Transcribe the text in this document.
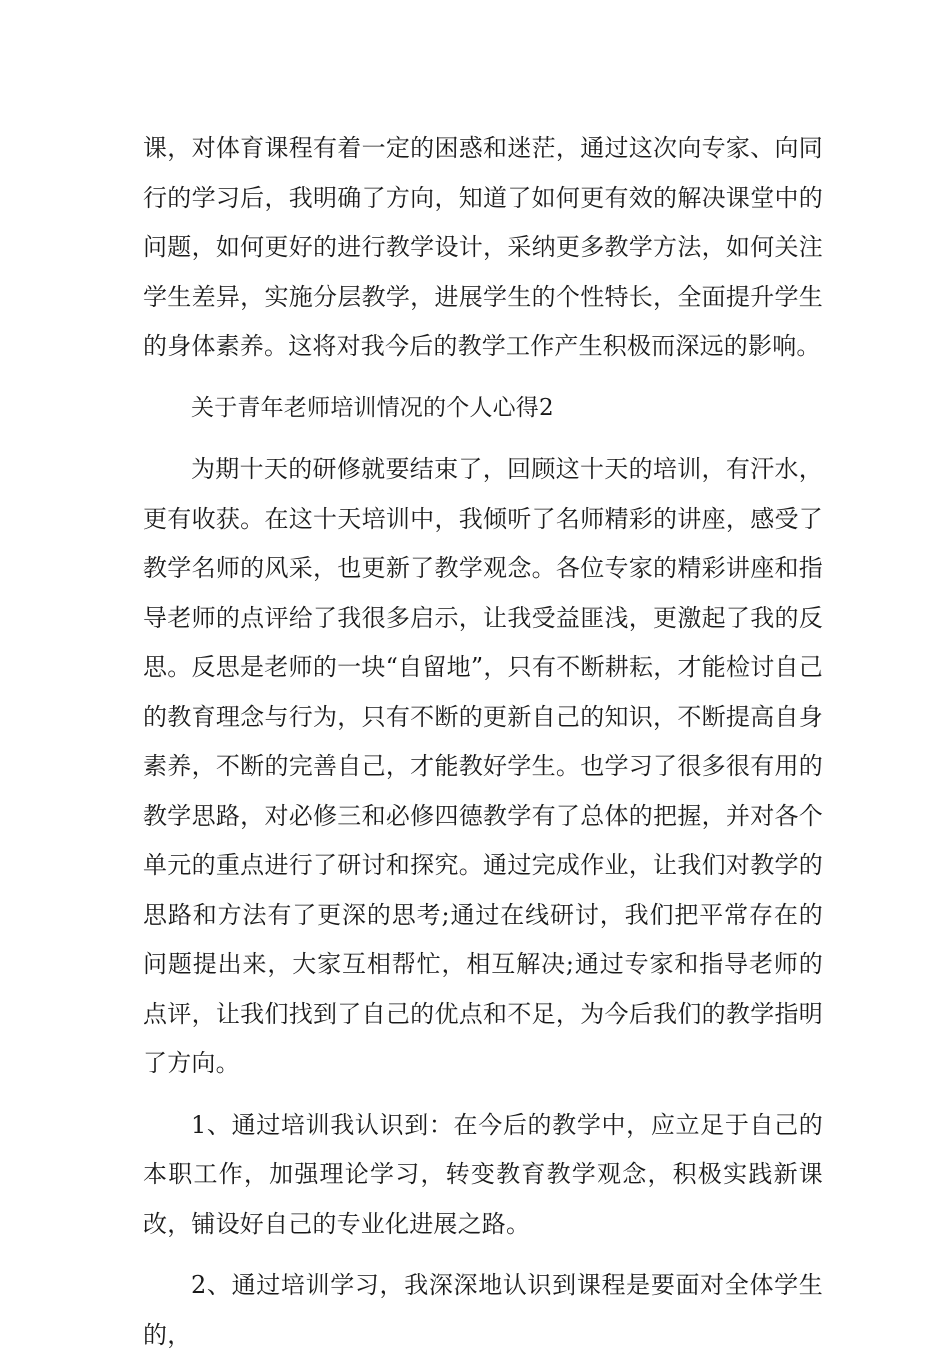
课，对体育课程有着一定的困惑和迷茫，通过这次向专家、向同行的学习后，我明确了方向，知道了如何更有效的解决课堂中的问题，如何更好的进行教学设计，采纳更多教学方法，如何关注学生差异，实施分层教学，进展学生的个性特长，全面提升学生的身体素养。这将对我今后的教学工作产生积极而深远的影响。

关于青年老师培训情况的个人心得2

为期十天的研修就要结束了，回顾这十天的培训，有汗水，更有收获。在这十天培训中，我倾听了名师精彩的讲座，感受了教学名师的风采，也更新了教学观念。各位专家的精彩讲座和指导老师的点评给了我很多启示，让我受益匪浅，更激起了我的反思。反思是老师的一块“自留地”，只有不断耕耘，才能检讨自己的教育理念与行为，只有不断的更新自己的知识，不断提高自身素养，不断的完善自己，才能教好学生。也学习了很多很有用的教学思路，对必修三和必修四德教学有了总体的把握，并对各个单元的重点进行了研讨和探究。通过完成作业，让我们对教学的思路和方法有了更深的思考;通过在线研讨，我们把平常存在的问题提出来，大家互相帮忙，相互解决;通过专家和指导老师的点评，让我们找到了自己的优点和不足，为今后我们的教学指明了方向。

1、通过培训我认识到：在今后的教学中，应立足于自己的本职工作，加强理论学习，转变教育教学观念，积极实践新课改，铺设好自己的专业化进展之路。

2、通过培训学习，我深深地认识到课程是要面对全体学生的，
